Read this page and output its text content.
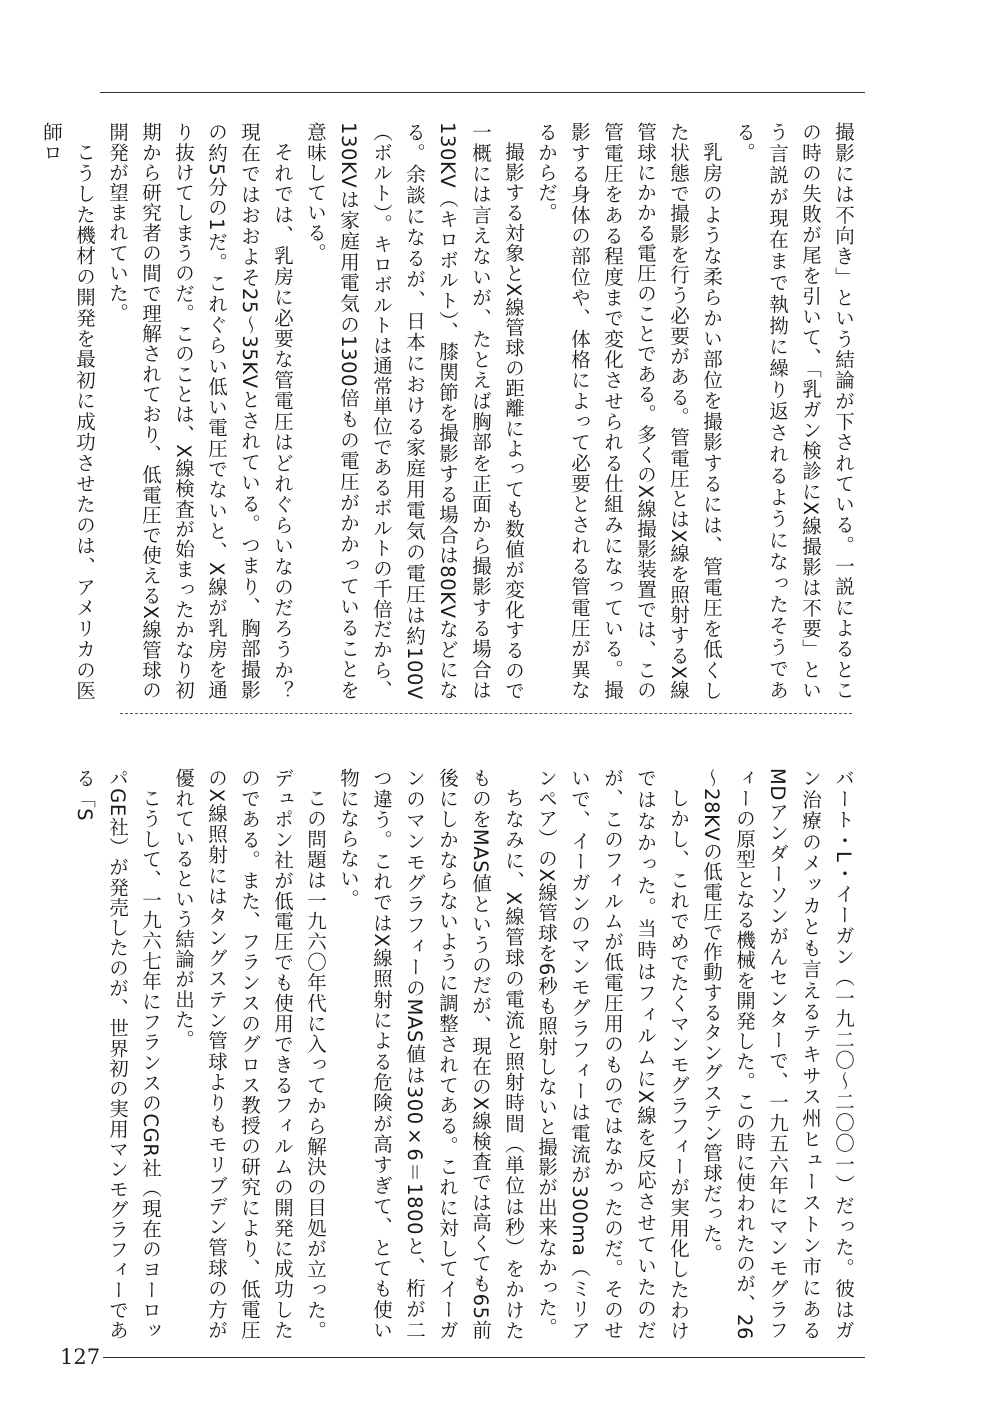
撮影には不向き」という結論が下されている。一説によるとこの時の失敗が尾を引いて、「乳ガン検診にX線撮影は不要」という言説が現在まで執拗に繰り返されるようになったそうである。

乳房のような柔らかい部位を撮影するには、管電圧を低くした状態で撮影を行う必要がある。管電圧とはX線を照射するX線管球にかかる電圧のことである。多くのX線撮影装置では、この管電圧をある程度まで変化させられる仕組みになっている。撮影する身体の部位や、体格によって必要とされる管電圧が異なるからだ。

撮影する対象とX線管球の距離によっても数値が変化するので一概には言えないが、たとえば胸部を正面から撮影する場合は130KV（キロボルト）、膝関節を撮影する場合は80KVなどになる。余談になるが、日本における家庭用電気の電圧は約100V（ボルト）。キロボルトは通常単位であるボルトの千倍だから、130KVは家庭用電気の1300倍もの電圧がかかっていることを意味している。

それでは、乳房に必要な管電圧はどれぐらいなのだろうか？　現在ではおおよそ25～35KVとされている。つまり、胸部撮影の約5分の1だ。これぐらい低い電圧でないと、X線が乳房を通り抜けてしまうのだ。このことは、X線検査が始まったかなり初期から研究者の間で理解されており、低電圧で使えるX線管球の開発が望まれていた。

こうした機材の開発を最初に成功させたのは、アメリカの医師ロ

バート・L・イーガン（一九二〇～二〇〇一）だった。彼はガン治療のメッカとも言えるテキサス州ヒューストン市にあるMDアンダーソンがんセンターで、一九五六年にマンモグラフィーの原型となる機械を開発した。この時に使われたのが、26～28KVの低電圧で作動するタングステン管球だった。

しかし、これでめでたくマンモグラフィーが実用化したわけではなかった。当時はフィルムにX線を反応させていたのだが、このフィルムが低電圧用のものではなかったのだ。そのせいで、イーガンのマンモグラフィーは電流が300ma（ミリアンペア）のX線管球を6秒も照射しないと撮影が出来なかった。

ちなみに、X線管球の電流と照射時間（単位は秒）をかけたものをMAS値というのだが、現在のX線検査では高くても65前後にしかならないように調整されてある。これに対してイーガンのマンモグラフィーのMAS値は300×6＝1800と、桁が二つ違う。これではX線照射による危険が高すぎて、とても使い物にならない。

この問題は一九六〇年代に入ってから解決の目処が立った。デュポン社が低電圧でも使用できるフィルムの開発に成功したのである。また、フランスのグロス教授の研究により、低電圧のX線照射にはタングステン管球よりもモリブデン管球の方が優れているという結論が出た。

こうして、一九六七年にフランスのCGR社（現在のヨーロッパGE社）が発売したのが、世界初の実用マンモグラフィーである「S

127
